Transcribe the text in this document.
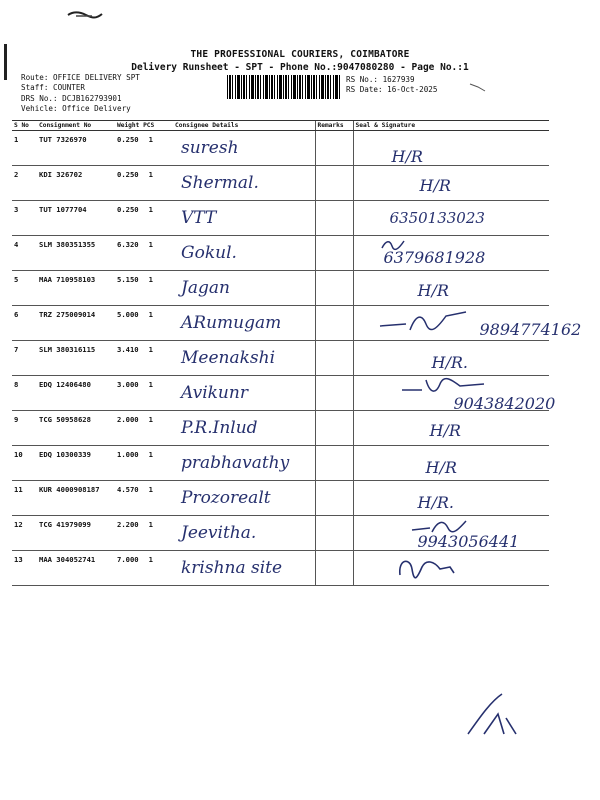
THE PROFESSIONAL COURIERS, COIMBATORE
Delivery Runsheet - SPT - Phone No.:9047080280 - Page No.:1
Route: OFFICE DELIVERY SPT
Staff: COUNTER
DRS No.: DCJB162793901
Vehicle: Office Delivery
RS No.: 1627939
RS Date: 16-Oct-2025
S No	Consignment No	Weight PCS	Consignee Details	Remarks	Seal & Signature
1	TUT 7326970	0.250 1	suresh		H/R

2	KDI 326702	0.250 1	Shermal.		H/R

3	TUT 1077704	0.250 1	VTT		6350133023

4	SLM 380351355	6.320 1	Gokul.		6379681928

5	MAA 710958103	5.150 1	Jagan		H/R

6	TRZ 275009014	5.000 1	ARumugam		9894774162

7	SLM 380316115	3.410 1	Meenakshi		H/R.

8	EDQ 12406480	3.000 1	Avikunr		9043842020

9	TCG 50958628	2.000 1	P.R.Inlud		H/R

10	EDQ 10300339	1.000 1	prabhavathy		H/R

11	KUR 4000908187	4.570 1	Prozorealt		H/R.

12	TCG 41979099	2.200 1	Jeevitha.		9943056441

13	MAA 304052741	7.000 1	krishna site		
